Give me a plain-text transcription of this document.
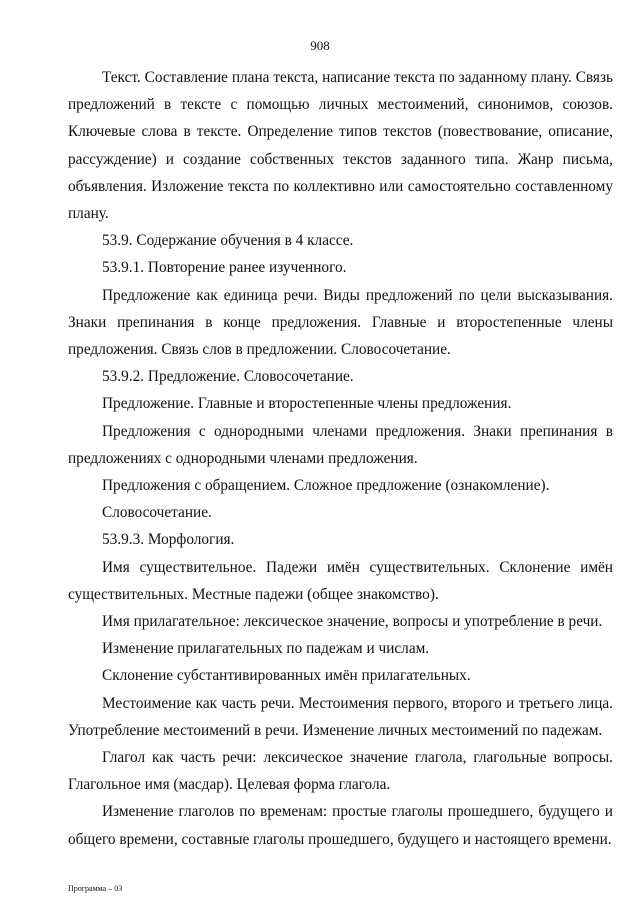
908

Текст. Составление плана текста, написание текста по заданному плану. Связь предложений в тексте с помощью личных местоимений, синонимов, союзов. Ключевые слова в тексте. Определение типов текстов (повествование, описание, рассуждение) и создание собственных текстов заданного типа. Жанр письма, объявления. Изложение текста по коллективно или самостоятельно составленному плану.

53.9. Содержание обучения в 4 классе.

53.9.1. Повторение ранее изученного.

Предложение как единица речи. Виды предложений по цели высказывания. Знаки препинания в конце предложения. Главные и второстепенные члены предложения. Связь слов в предложении. Словосочетание.

53.9.2. Предложение. Словосочетание.

Предложение. Главные и второстепенные члены предложения.

Предложения с однородными членами предложения. Знаки препинания в предложениях с однородными членами предложения.

Предложения с обращением. Сложное предложение (ознакомление).

Словосочетание.

53.9.3. Морфология.

Имя существительное. Падежи имён существительных. Склонение имён существительных. Местные падежи (общее знакомство).

Имя прилагательное: лексическое значение, вопросы и употребление в речи.

Изменение прилагательных по падежам и числам.

Склонение субстантивированных имён прилагательных.

Местоимение как часть речи. Местоимения первого, второго и третьего лица. Употребление местоимений в речи. Изменение личных местоимений по падежам.

Глагол как часть речи: лексическое значение глагола, глагольные вопросы. Глагольное имя (масдар). Целевая форма глагола.

Изменение глаголов по временам: простые глаголы прошедшего, будущего и общего времени, составные глаголы прошедшего, будущего и настоящего времени.

Программа – 03
